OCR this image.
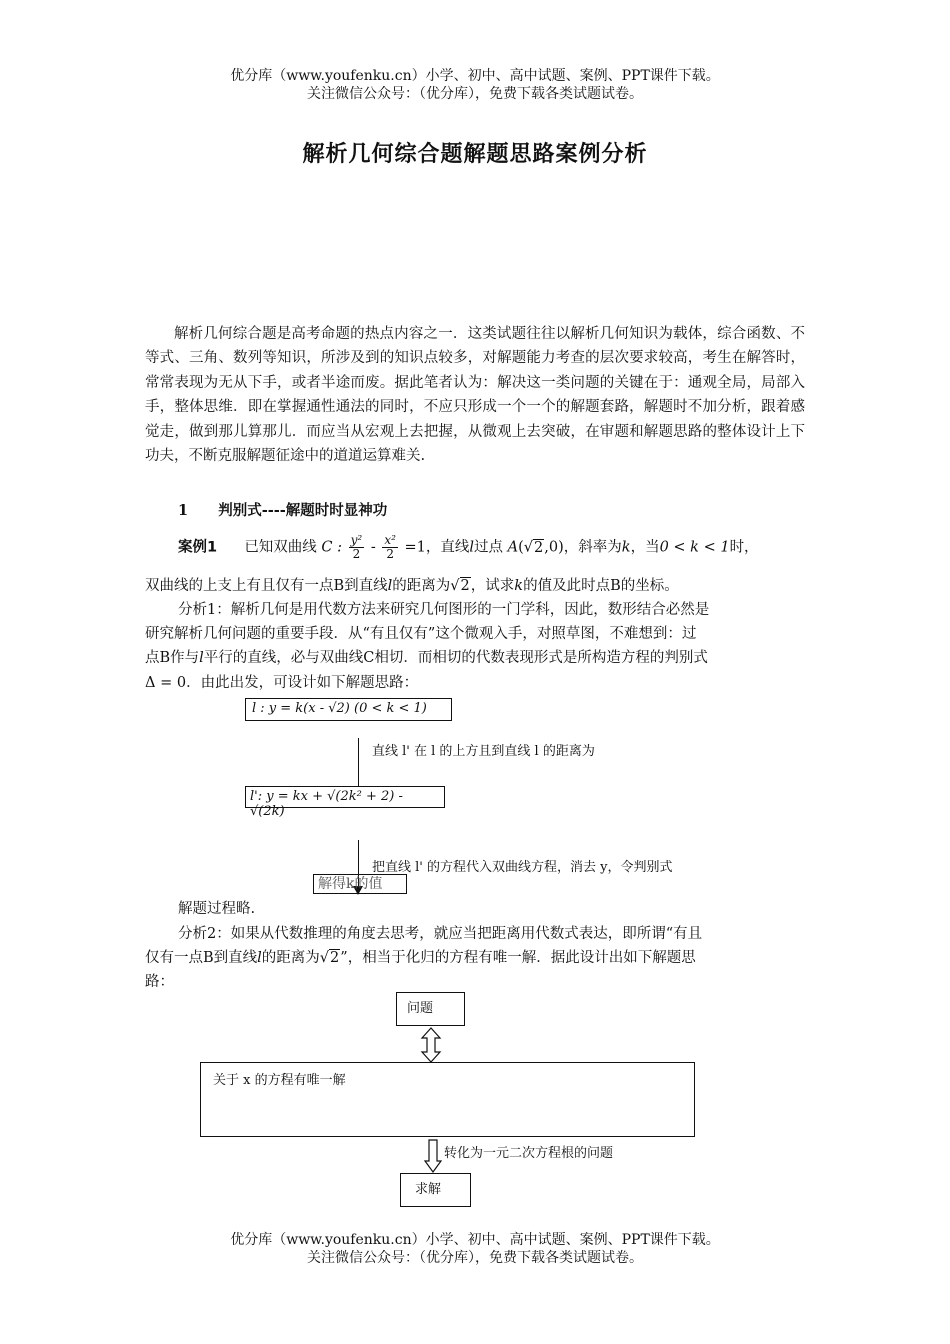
优分库（www.youfenku.cn）小学、初中、高中试题、案例、PPT课件下载。
关注微信公众号：（优分库），免费下载各类试题试卷。
解析几何综合题解题思路案例分析
解析几何综合题是高考命题的热点内容之一．这类试题往往以解析几何知识为载体，综合函数、不等式、三角、数列等知识，所涉及到的知识点较多，对解题能力考查的层次要求较高，考生在解答时，常常表现为无从下手，或者半途而废。据此笔者认为：解决这一类问题的关键在于：通观全局，局部入手，整体思维．即在掌握通性通法的同时，不应只形成一个一个的解题套路，解题时不加分析，跟着感觉走，做到那儿算那儿．而应当从宏观上去把握，从微观上去突破，在审题和解题思路的整体设计上下功夫，不断克服解题征途中的道道运算难关.
1 判别式----解题时时显神功
案例1 已知双曲线 C : $\frac{\text{y²}}{2} - \frac{\text{x²}}{2} =1$，直线l过点 A(√2,0)，斜率为k，当0 < k < 1时，
双曲线的上支上有且仅有一点B到直线l的距离为√2，试求k的值及此时点B的坐标。
分析1：解析几何是用代数方法来研究几何图形的一门学科，因此，数形结合必然是
研究解析几何问题的重要手段．从“有且仅有”这个微观入手，对照草图，不难想到：过
点B作与l平行的直线，必与双曲线C相切．而相切的代数表现形式是所构造方程的判别式
Δ = 0．由此出发，可设计如下解题思路：
l : y = k(x - √2) (0 < k < 1)
直线 l' 在 l 的上方且到直线 l 的距离为
l': y = kx + √(2k² + 2) - √(2k)
把直线 l' 的方程代入双曲线方程，消去 y，令判别式
解得k的值
解题过程略.
分析2：如果从代数推理的角度去思考，就应当把距离用代数式表达，即所谓“有且
仅有一点B到直线l的距离为√2”，相当于化归的方程有唯一解．据此设计出如下解题思
路：
问题
关于 x 的方程有唯一解
转化为一元二次方程根的问题
求解
优分库（www.youfenku.cn）小学、初中、高中试题、案例、PPT课件下载。
关注微信公众号：（优分库），免费下载各类试题试卷。
